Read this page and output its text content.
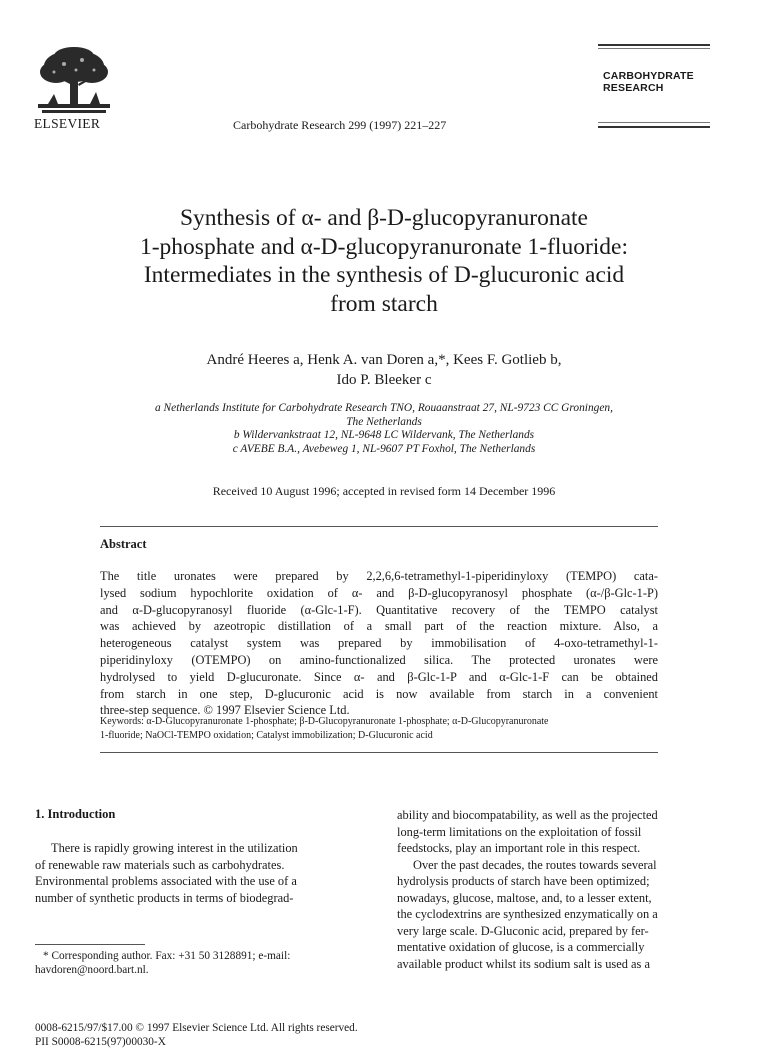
ELSEVIER	Carbohydrate Research 299 (1997) 221–227
CARBOHYDRATE
RESEARCH
Synthesis of α- and β-D-glucopyranuronate
1-phosphate and α-D-glucopyranuronate 1-fluoride:
Intermediates in the synthesis of D-glucuronic acid
from starch
André Heeres a, Henk A. van Doren a,*, Kees F. Gotlieb b,
Ido P. Bleeker c
a Netherlands Institute for Carbohydrate Research TNO, Rouaanstraat 27, NL-9723 CC Groningen,
The Netherlands
b Wildervankstraat 12, NL-9648 LC Wildervank, The Netherlands
c AVEBE B.A., Avebeweg 1, NL-9607 PT Foxhol, The Netherlands
Received 10 August 1996; accepted in revised form 14 December 1996
Abstract
The title uronates were prepared by 2,2,6,6-tetramethyl-1-piperidinyloxy (TEMPO) cata-
lysed sodium hypochlorite oxidation of α- and β-D-glucopyranosyl phosphate (α-/β-Glc-1-P)
and α-D-glucopyranosyl fluoride (α-Glc-1-F). Quantitative recovery of the TEMPO catalyst
was achieved by azeotropic distillation of a small part of the reaction mixture. Also, a
heterogeneous catalyst system was prepared by immobilisation of 4-oxo-tetramethyl-1-
piperidinyloxy (OTEMPO) on amino-functionalized silica. The protected uronates were
hydrolysed to yield D-glucuronate. Since α- and β-Glc-1-P and α-Glc-1-F can be obtained
from starch in one step, D-glucuronic acid is now available from starch in a convenient
three-step sequence. © 1997 Elsevier Science Ltd.
Keywords: α-D-Glucopyranuronate 1-phosphate; β-D-Glucopyranuronate 1-phosphate; α-D-Glucopyranuronate
1-fluoride; NaOCl-TEMPO oxidation; Catalyst immobilization; D-Glucuronic acid
1. Introduction
There is rapidly growing interest in the utilization
of renewable raw materials such as carbohydrates.
Environmental problems associated with the use of a
number of synthetic products in terms of biodegrad-
ability and biocompatability, as well as the projected
long-term limitations on the exploitation of fossil
feedstocks, play an important role in this respect.
Over the past decades, the routes towards several
hydrolysis products of starch have been optimized;
nowadays, glucose, maltose, and, to a lesser extent,
the cyclodextrins are synthesized enzymatically on a
very large scale. D-Gluconic acid, prepared by fer-
mentative oxidation of glucose, is a commercially
available product whilst its sodium salt is used as a
* Corresponding author. Fax: +31 50 3128891; e-mail:
havdoren@noord.bart.nl.
0008-6215/97/$17.00 © 1997 Elsevier Science Ltd. All rights reserved.
PII S0008-6215(97)00030-X
